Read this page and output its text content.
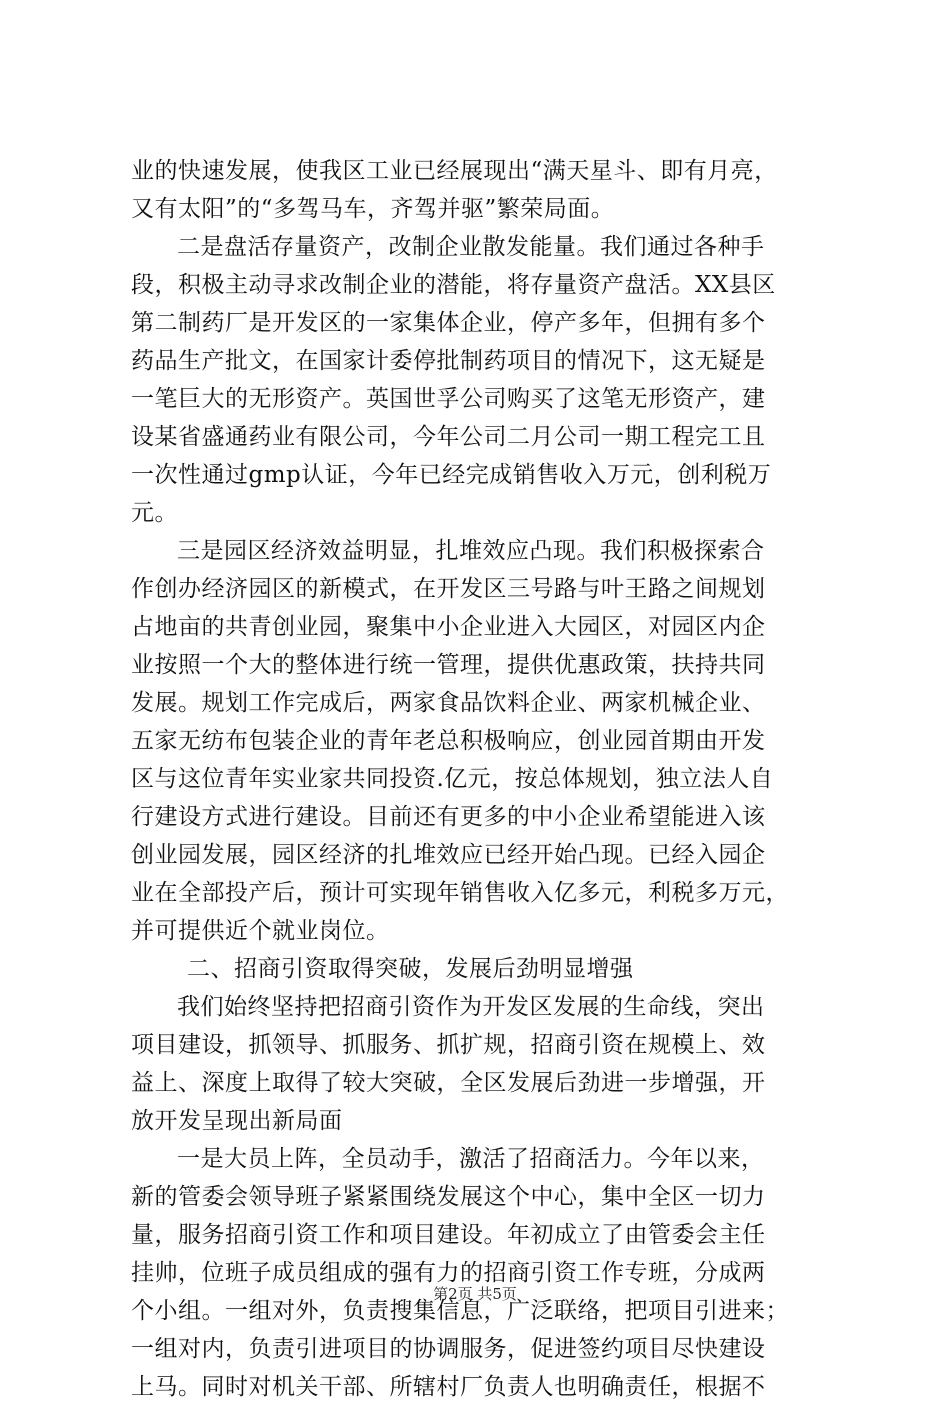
业的快速发展，使我区工业已经展现出“满天星斗、即有月亮，
又有太阳”的“多驾马车，齐驾并驱”繁荣局面。
二是盘活存量资产，改制企业散发能量。我们通过各种手
段，积极主动寻求改制企业的潜能，将存量资产盘活。XX县区
第二制药厂是开发区的一家集体企业，停产多年，但拥有多个
药品生产批文，在国家计委停批制药项目的情况下，这无疑是
一笔巨大的无形资产。英国世孚公司购买了这笔无形资产，建
设某省盛通药业有限公司，今年公司二月公司一期工程完工且
一次性通过gmp认证，今年已经完成销售收入万元，创利税万
元。
三是园区经济效益明显，扎堆效应凸现。我们积极探索合
作创办经济园区的新模式，在开发区三号路与叶王路之间规划
占地亩的共青创业园，聚集中小企业进入大园区，对园区内企
业按照一个大的整体进行统一管理，提供优惠政策，扶持共同
发展。规划工作完成后，两家食品饮料企业、两家机械企业、
五家无纺布包装企业的青年老总积极响应，创业园首期由开发
区与这位青年实业家共同投资.亿元，按总体规划，独立法人自
行建设方式进行建设。目前还有更多的中小企业希望能进入该
创业园发展，园区经济的扎堆效应已经开始凸现。已经入园企
业在全部投产后，预计可实现年销售收入亿多元，利税多万元，
并可提供近个就业岗位。
二、招商引资取得突破，发展后劲明显增强
我们始终坚持把招商引资作为开发区发展的生命线，突出
项目建设，抓领导、抓服务、抓扩规，招商引资在规模上、效
益上、深度上取得了较大突破，全区发展后劲进一步增强，开
放开发呈现出新局面
一是大员上阵，全员动手，激活了招商活力。今年以来，
新的管委会领导班子紧紧围绕发展这个中心，集中全区一切力
量，服务招商引资工作和项目建设。年初成立了由管委会主任
挂帅，位班子成员组成的强有力的招商引资工作专班，分成两
个小组。一组对外，负责搜集信息，广泛联络，把项目引进来；
一组对内，负责引进项目的协调服务，促进签约项目尽快建设
上马。同时对机关干部、所辖村厂负责人也明确责任，根据不
第2页 共5页
